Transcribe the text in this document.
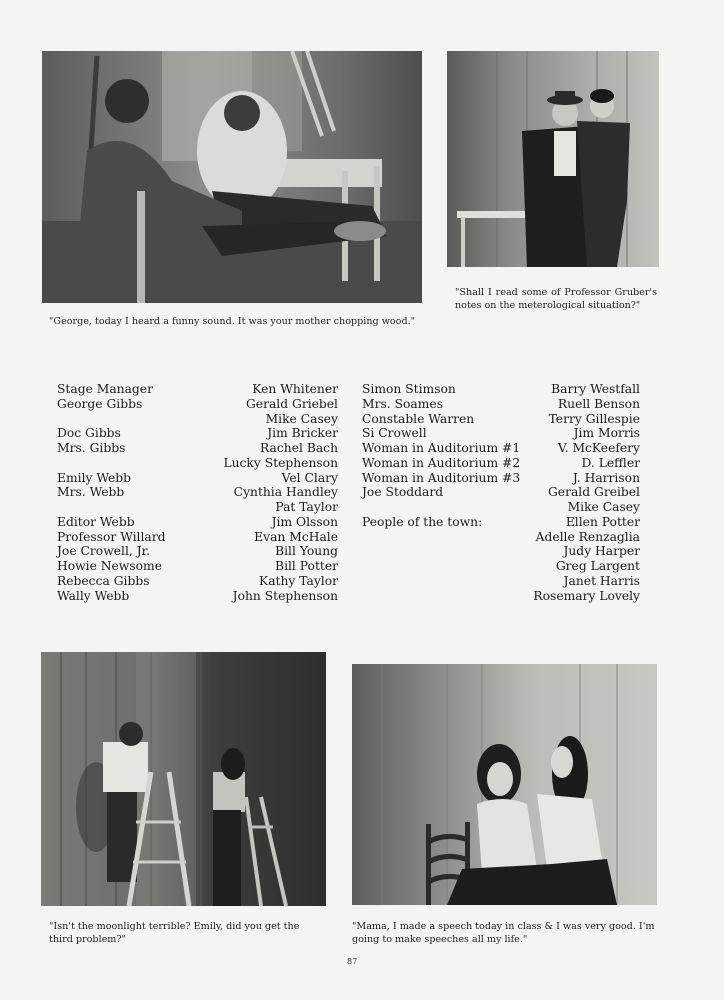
"George, today I heard a funny sound. It was your mother chopping wood."
"Shall I read some of Professor Gruber's notes on the meterological situation?"
Stage Manager	Ken Whitener
George Gibbs	Gerald Griebel
Mike Casey
Doc Gibbs	Jim Bricker
Mrs. Gibbs	Rachel Bach
Lucky Stephenson
Emily Webb	Vel Clary
Mrs. Webb	Cynthia Handley
Pat Taylor
Editor Webb	Jim Olsson
Professor Willard	Evan McHale
Joe Crowell, Jr.	Bill Young
Howie Newsome	Bill Potter
Rebecca Gibbs	Kathy Taylor
Wally Webb	John Stephenson
Simon Stimson	Barry Westfall
Mrs. Soames	Ruell Benson
Constable Warren	Terry Gillespie
Si Crowell	Jim Morris
Woman in Auditorium #1	V. McKeefery
Woman in Auditorium #2	D. Leffler
Woman in Auditorium #3	J. Harrison
Joe Stoddard	Gerald Greibel
Mike Casey
People of the town:	Ellen Potter
Adelle Renzaglia
Judy Harper
Greg Largent
Janet Harris
Rosemary Lovely
"Isn't the moonlight terrible? Emily, did you get the third problem?"
"Mama, I made a speech today in class & I was very good. I'm going to make speeches all my life."
87
